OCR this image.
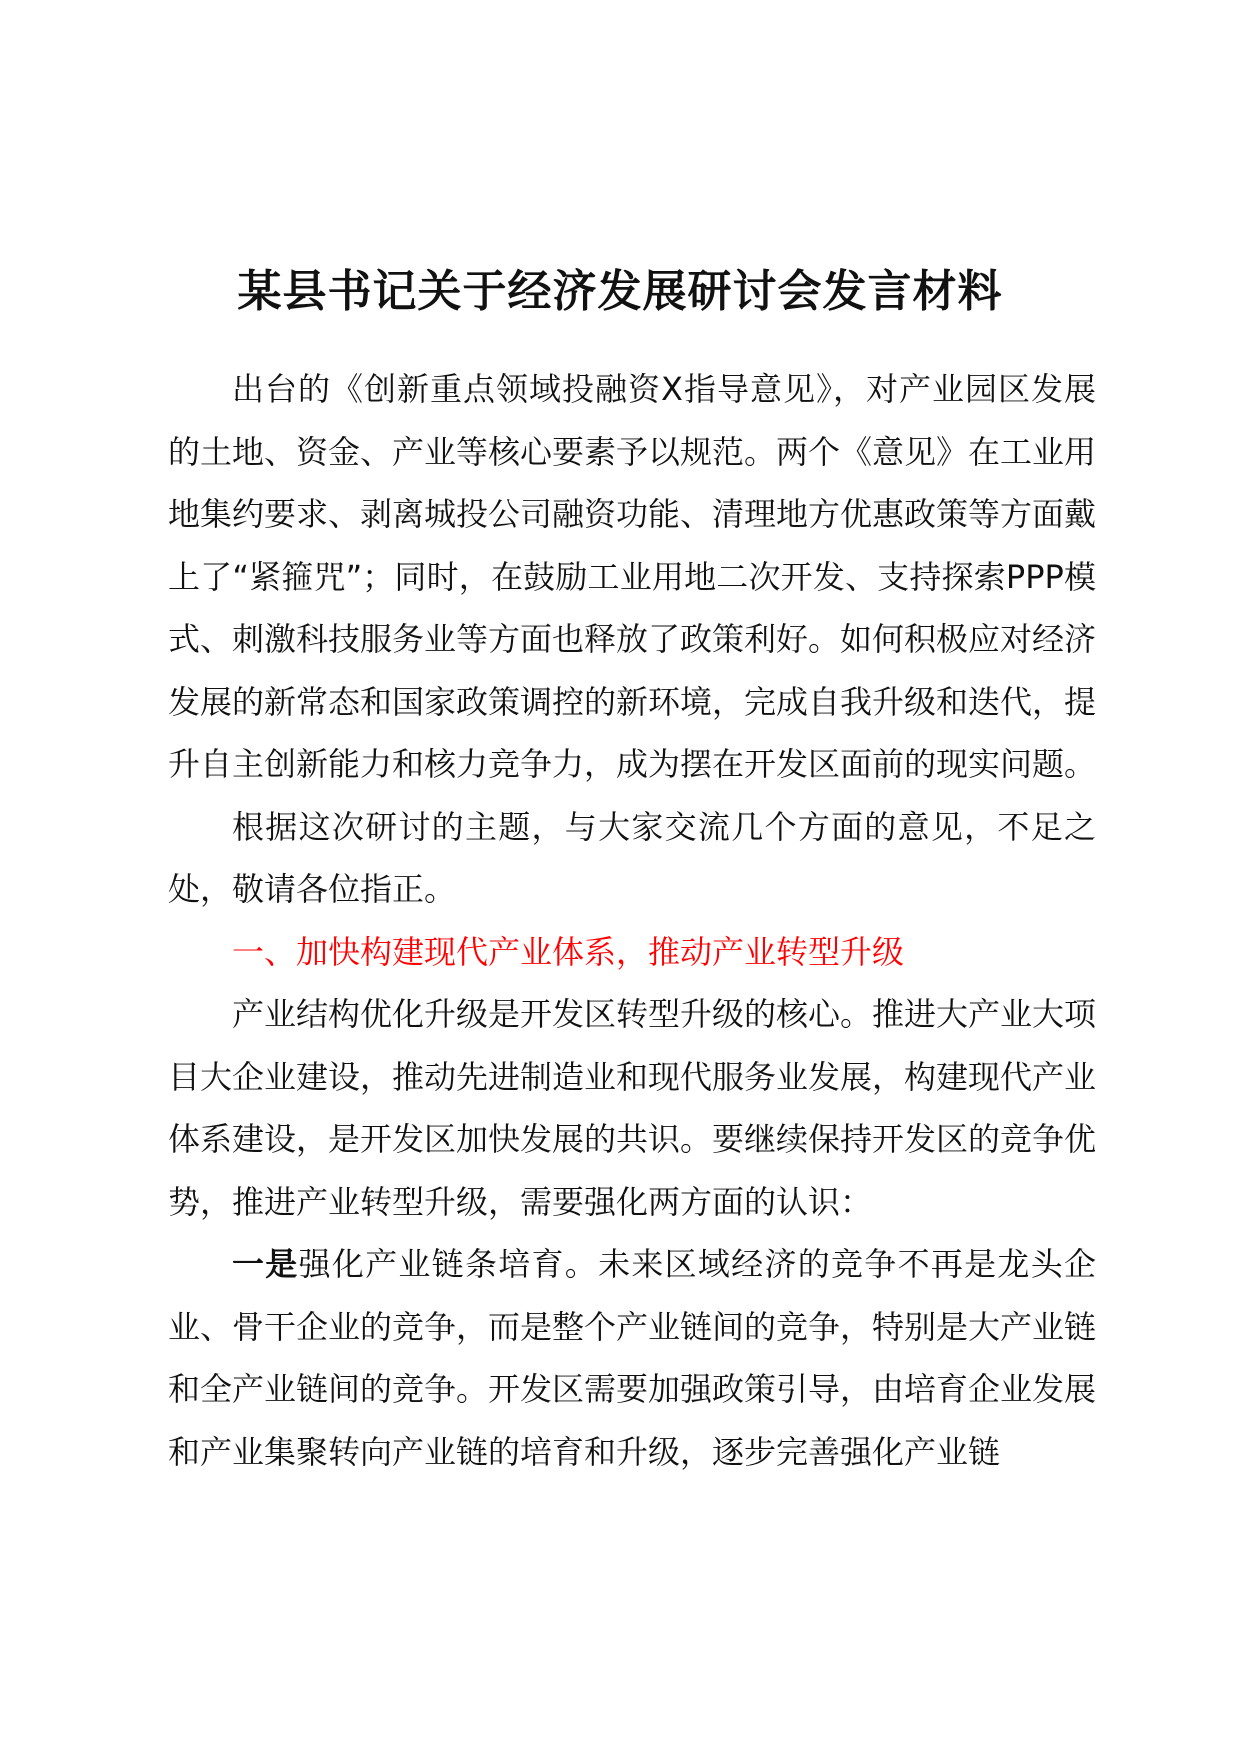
某县书记关于经济发展研讨会发言材料

出台的《创新重点领域投融资X指导意见》，对产业园区发展的土地、资金、产业等核心要素予以规范。两个《意见》在工业用地集约要求、剥离城投公司融资功能、清理地方优惠政策等方面戴上了“紧箍咒”；同时，在鼓励工业用地二次开发、支持探索PPP模式、刺激科技服务业等方面也释放了政策利好。如何积极应对经济发展的新常态和国家政策调控的新环境，完成自我升级和迭代，提升自主创新能力和核力竞争力，成为摆在开发区面前的现实问题。

根据这次研讨的主题，与大家交流几个方面的意见，不足之处，敬请各位指正。

一、加快构建现代产业体系，推动产业转型升级

产业结构优化升级是开发区转型升级的核心。推进大产业大项目大企业建设，推动先进制造业和现代服务业发展，构建现代产业体系建设，是开发区加快发展的共识。要继续保持开发区的竞争优势，推进产业转型升级，需要强化两方面的认识：

一是强化产业链条培育。未来区域经济的竞争不再是龙头企业、骨干企业的竞争，而是整个产业链间的竞争，特别是大产业链和全产业链间的竞争。开发区需要加强政策引导，由培育企业发展和产业集聚转向产业链的培育和升级，逐步完善强化产业链
